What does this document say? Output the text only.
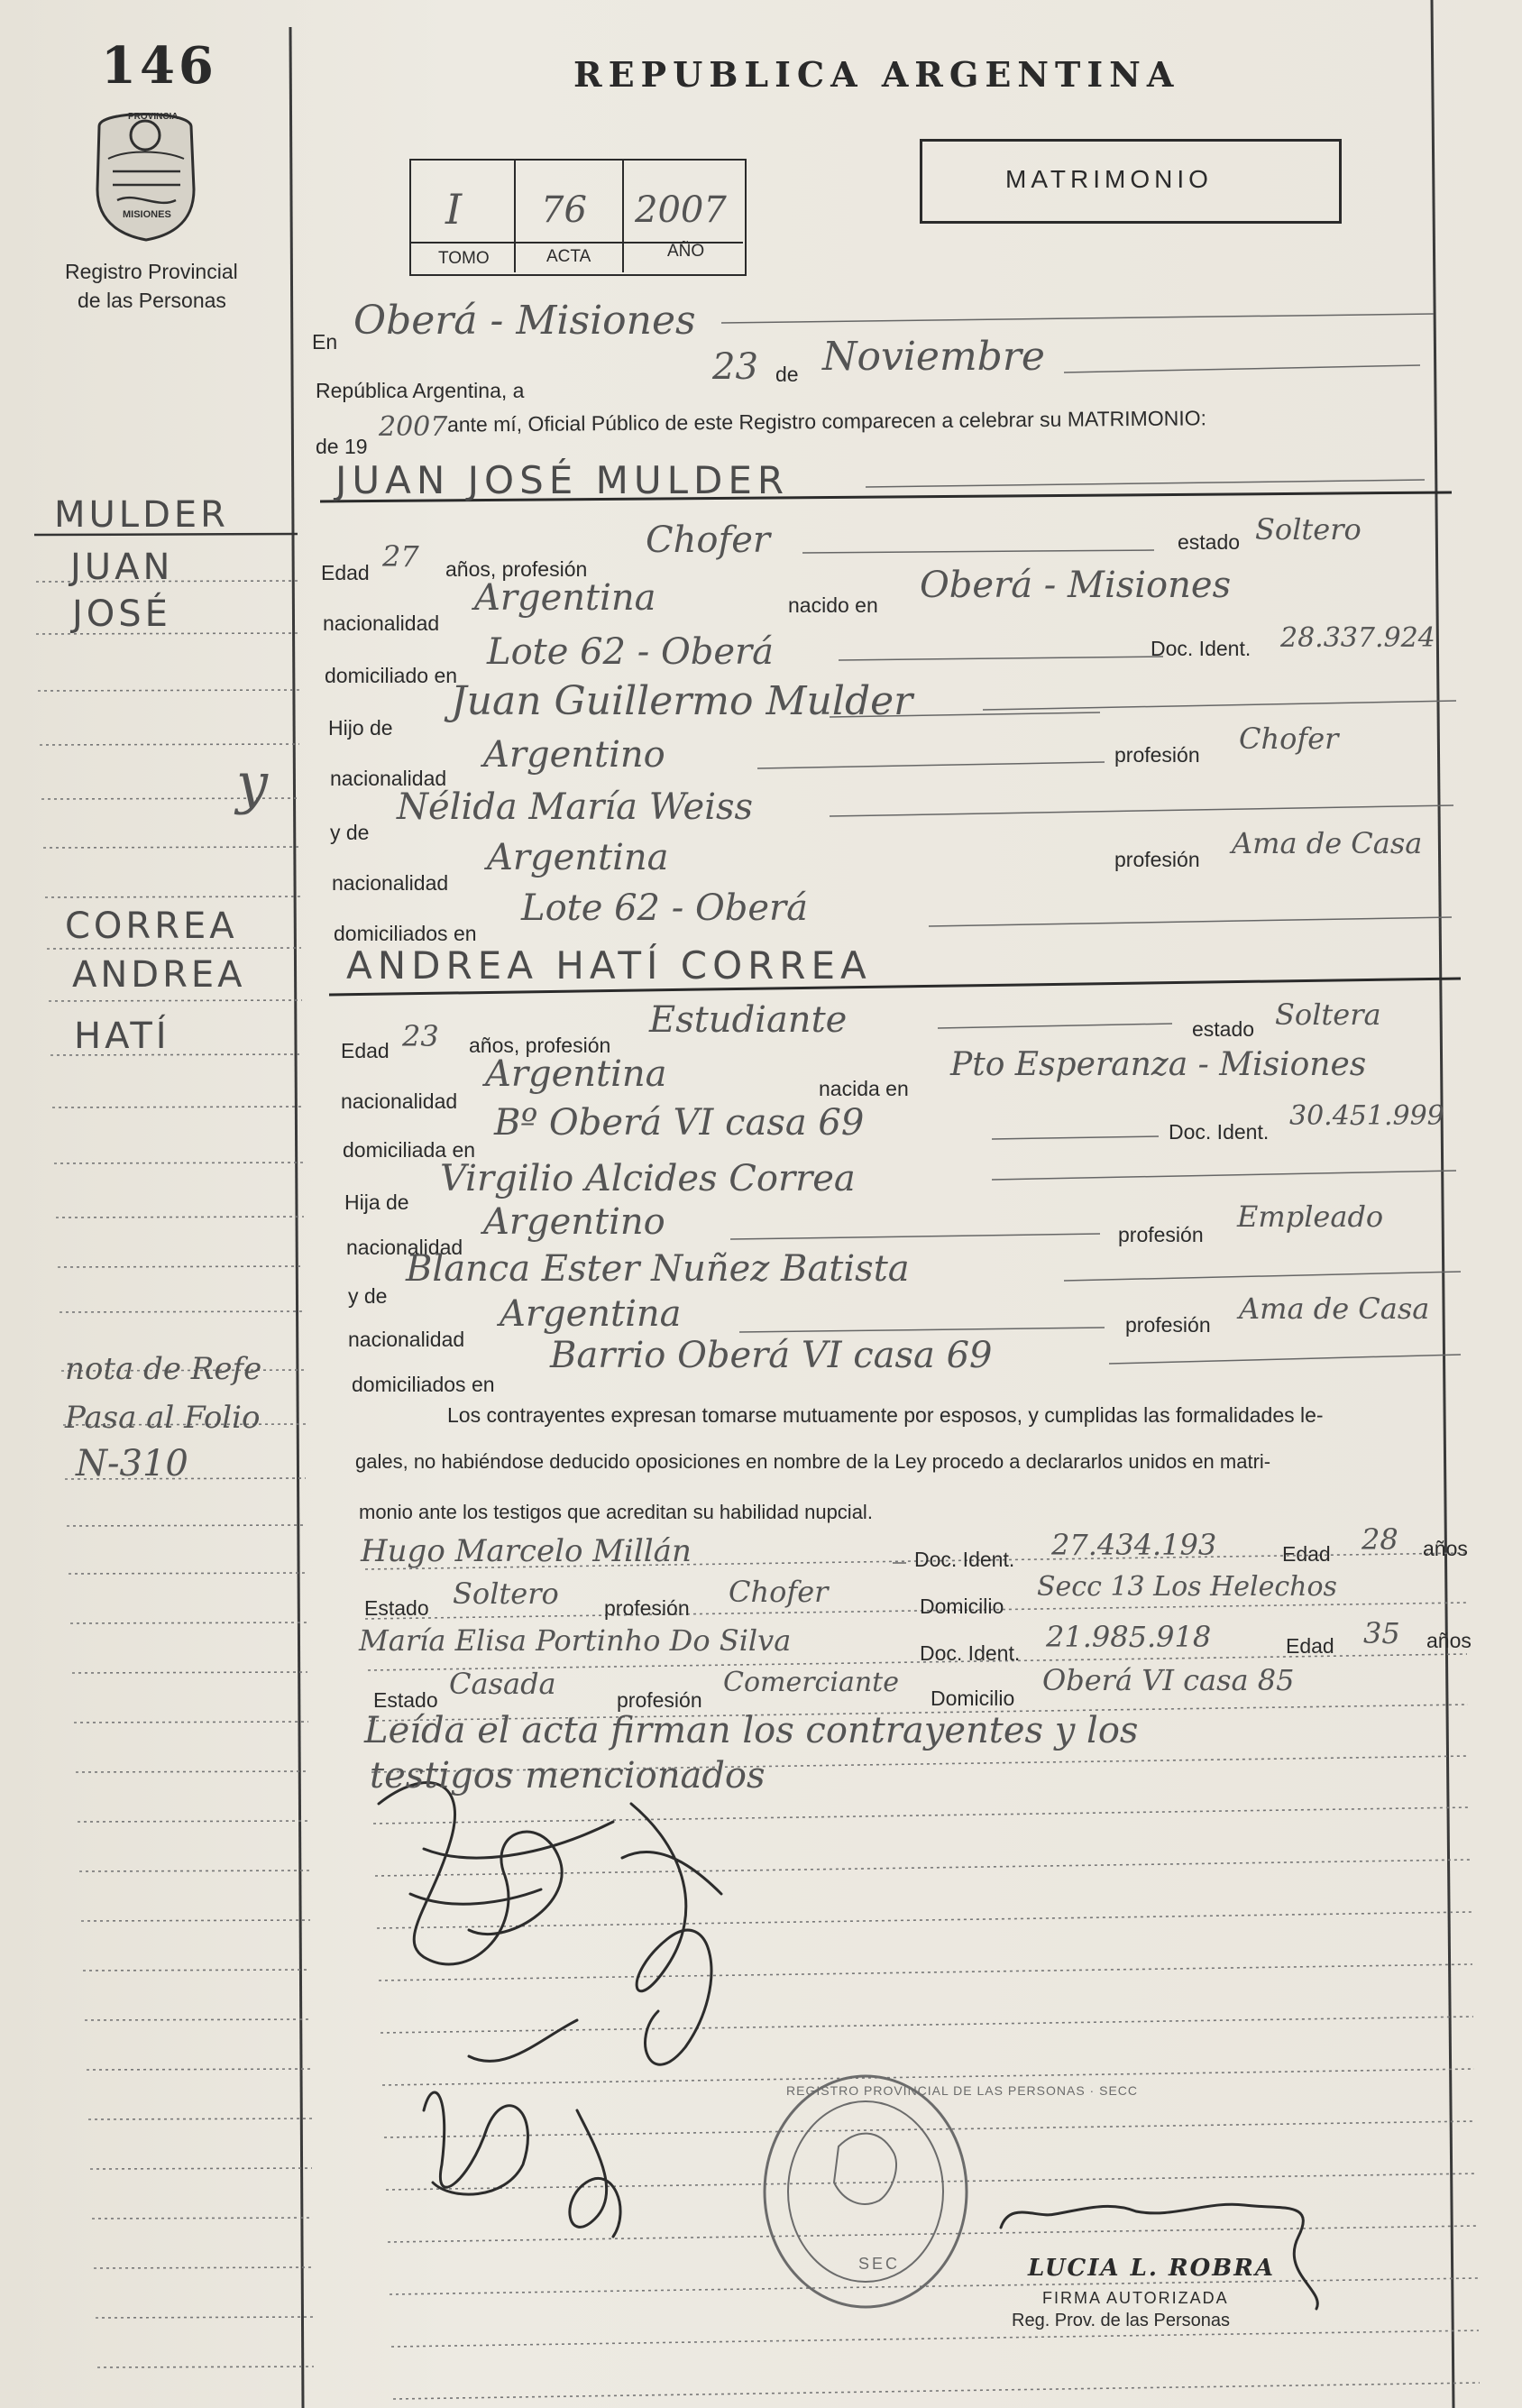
146
PROVINCIA
MISIONES
Registro Provincial
de las Personas
REPUBLICA ARGENTINA
MATRIMONIO
I 76 2007
TOMO	ACTA	AÑO
MULDER
JUAN
JOSÉ
y
CORREA
ANDREA
HATÍ
nota de Refe
Pasa al Folio
N-310
En Oberá - Misiones
República Argentina, a
23 de Noviembre
de 19
2007 ante mí, Oficial Público de este Registro comparecen a celebrar su MATRIMONIO:
JUAN JOSÉ MULDER
Edad 27 años, profesión
Chofer	estado Soltero
nacionalidad
Argentina	nacido en Oberá - Misiones
domiciliado en
Lote 62 - Oberá	Doc. Ident. 28.337.924
Hijo de
Juan Guillermo Mulder
nacionalidad
Argentino	profesión Chofer
y de
Nélida María Weiss
nacionalidad
Argentina	profesión Ama de Casa
domiciliados en
Lote 62 - Oberá
ANDREA HATÍ CORREA
Edad 23 años, profesión
Estudiante	estado Soltera
nacionalidad
Argentina	nacida en
Pto Esperanza - Misiones
domiciliada en
Bº Oberá VI casa 69	Doc. Ident. 30.451.999
Hija de
Virgilio Alcides Correa
nacionalidad
Argentino	profesión
Empleado
y de
Blanca Ester Nuñez Batista
nacionalidad
Argentina	profesión Ama de Casa
domiciliados en
Barrio Oberá VI casa 69
Los contrayentes expresan tomarse mutuamente por esposos, y cumplidas las formalidades le-
gales, no habiéndose deducido oposiciones en nombre de la Ley procedo a declararlos unidos en matri-
monio ante los testigos que acreditan su habilidad nupcial.
Hugo Marcelo Millán	Doc. Ident. 27.434.193	Edad 28 años
Estado Soltero profesión Chofer	Domicilio
Secc 13 Los Helechos
María Elisa Portinho Do Silva	Doc. Ident. 21.985.918	Edad 35 años
Estado Casada	profesión
Comerciante Domicilio
Oberá VI casa 85
Leída el acta firman los contrayentes y los
testigos mencionados
REGISTRO PROVINCIAL DE LAS PERSONAS · SECC
SEC	LUCIA L. ROBRA
FIRMA AUTORIZADA
Reg. Prov. de las Personas
